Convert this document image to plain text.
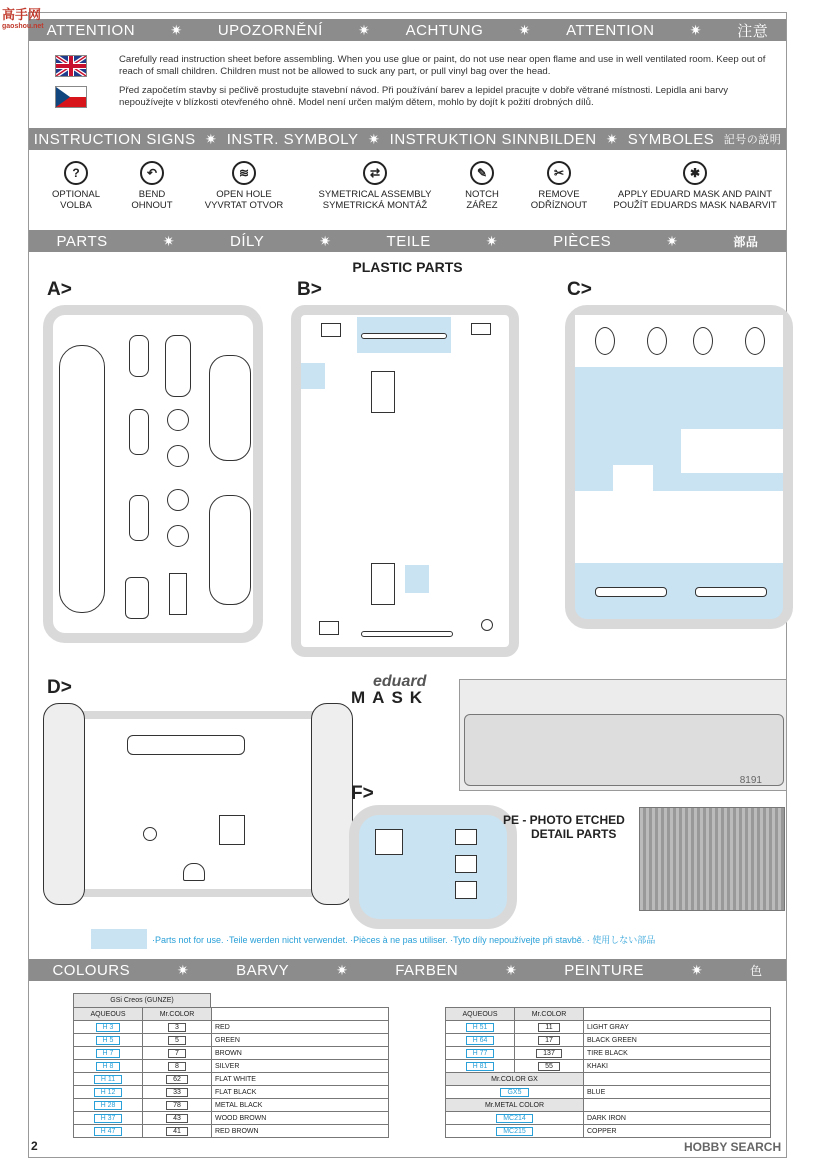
ATTENTION	✷ UPOZORNĚNÍ	✷ ACHTUNG	✷ ATTENTION	✷ 注意
Carefully read instruction sheet before assembling. When you use glue or paint, do not use near open flame and use in well ventilated room. Keep out of reach of small children. Children must not be allowed to suck any part, or pull vinyl bag over the head.
Před započetím stavby si pečlivě prostudujte stavební návod. Při používání barev a lepidel pracujte v dobře větrané místnosti. Lepidla ani barvy nepoužívejte v blízkosti otevřeného ohně. Model není určen malým dětem, mohlo by dojít k požití drobných dílů.
INSTRUCTION SIGNS ✷ INSTR. SYMBOLY ✷ INSTRUKTION SINNBILDEN ✷ SYMBOLES 記号の説明
?
OPTIONAL
VOLBA
↶
BEND
OHNOUT
≋
OPEN HOLE
VYVRTAT OTVOR
⇄
SYMETRICAL ASSEMBLY
SYMETRICKÁ MONTÁŽ
✎
NOTCH
ZÁŘEZ
✂
REMOVE
ODŘÍZNOUT
✱
APPLY EDUARD MASK AND PAINT
POUŽÍT EDUARDS MASK NABARVIT
PARTS	✷	DÍLY	✷	TEILE	✷	PIÈCES	✷	部品
PLASTIC PARTS
A>	B>	C>
D>	eduard
MASK
8191
F>
PE - PHOTO ETCHED
DETAIL PARTS
·Parts not for use. ·Teile werden nicht verwendet. ·Pièces à ne pas utiliser. ·Tyto díly nepoužívejte při stavbě. · 使用しない部品
COLOURS	✷	BARVY	✷	FARBEN	✷	PEINTURE	✷	色
GSi Creos (GUNZE)
AQUEOUS	Mr.COLOR	
H 3	3	RED
H 5	5	GREEN
H 7	7	BROWN
H 8	8	SILVER
H 11	62	FLAT WHITE
H 12	33	FLAT BLACK
H 28	78	METAL BLACK
H 37	43	WOOD BROWN
H 47	41	RED BROWN
AQUEOUS	Mr.COLOR	
H 51	11	LIGHT GRAY
H 64	17	BLACK GREEN
H 77	137	TIRE BLACK
H 81	55	KHAKI
Mr.COLOR GX		
GX5		BLUE
Mr.METAL COLOR		
MC214		DARK IRON
MC215		COPPER
2
高手网
gaoshou.net
HOBBY SEARCH
